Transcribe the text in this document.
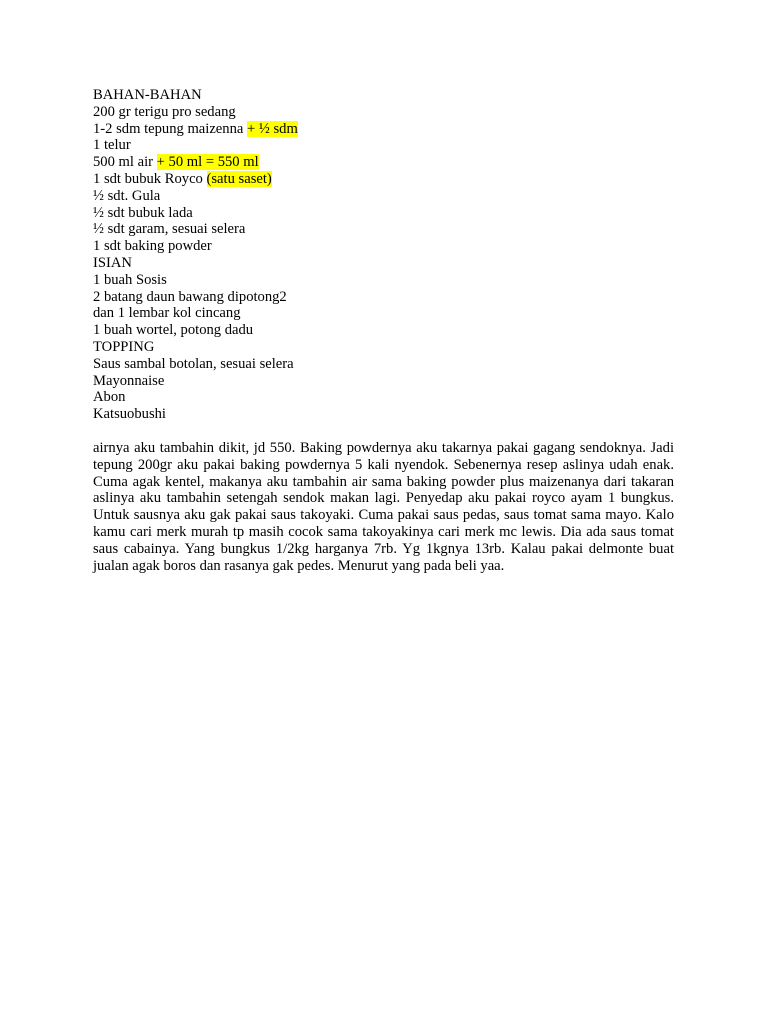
BAHAN-BAHAN
200 gr terigu pro sedang
1-2 sdm tepung maizenna + ½ sdm
1 telur
500 ml air + 50 ml = 550 ml
1 sdt bubuk Royco (satu saset)
½ sdt. Gula
½ sdt bubuk lada
½ sdt garam, sesuai selera
1 sdt baking powder
ISIAN
1 buah Sosis
2 batang daun bawang dipotong2
dan 1 lembar kol cincang
1 buah wortel, potong dadu
TOPPING
Saus sambal botolan, sesuai selera
Mayonnaise
Abon
Katsuobushi

airnya aku tambahin dikit, jd 550. Baking powdernya aku takarnya pakai gagang sendoknya. Jadi tepung 200gr aku pakai baking powdernya 5 kali nyendok. Sebenernya resep aslinya udah enak. Cuma agak kentel, makanya aku tambahin air sama baking powder plus maizenanya dari takaran aslinya aku tambahin setengah sendok makan lagi. Penyedap aku pakai royco ayam 1 bungkus. Untuk sausnya aku gak pakai saus takoyaki. Cuma pakai saus pedas, saus tomat sama mayo. Kalo kamu cari merk murah tp masih cocok sama takoyakinya cari merk mc lewis. Dia ada saus tomat saus cabainya. Yang bungkus 1/2kg harganya 7rb. Yg 1kgnya 13rb. Kalau pakai delmonte buat jualan agak boros dan rasanya gak pedes. Menurut yang pada beli yaa.
